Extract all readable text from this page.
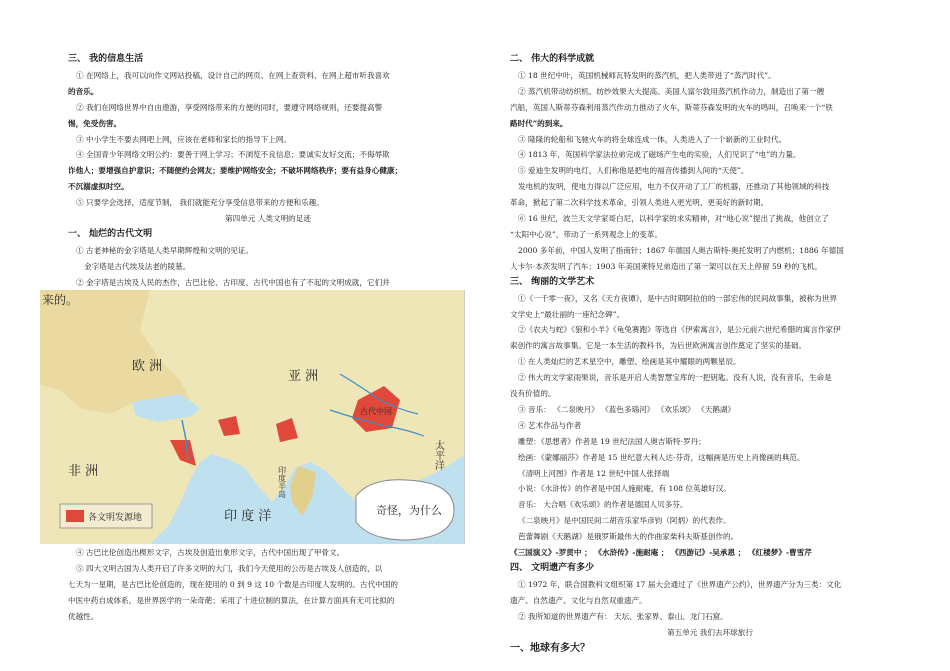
三、 我的信息生活
① 在网络上，我可以向作文网站投稿、设计自己的网页、在网上查资料、在网上超市听我喜欢
的音乐。
② 我们在网络世界中自由遨游，享受网络带来的方便的同时，要遵守网络规则，还要提高警
惕，免受伤害。
③ 中小学生不要去网吧上网，应该在老师和家长的指导下上网。
④ 全国青少年网络文明公约：要善于网上学习；不浏览不良信息；要诚实友好交流；不侮辱欺
诈他人；要增强自护意识；不随便约会网友；要维护网络安全；不破坏网络秩序；要有益身心健康；
不沉溺虚拟时空。
⑤ 只要学会选择，适度节制， 我们就能充分享受信息带来的方便和乐趣。
第四单元 人类文明的足迹
一、 灿烂的古代文明
① 古老神秘的金字塔是人类早期辉煌和文明的见证。
金字塔是古代埃及法老的陵墓。
② 金字塔是古埃及人民的杰作，古巴比伦、古印度、古代中国也有了不起的文明成就，它们并

④ 古巴比伦创造出楔形文字，古埃及创造出象形文字，古代中国出现了甲骨文。
⑤ 四大文明古国为人类开启了许多文明的大门，我们今天使用的公历是古埃及人创造的，以
七天为一星期，是古巴比伦创造的，现在使用的 0 到 9 这 10 个数是古印度人发明的。古代中国的
中医中药自成体系，是世界医学的一朵奇葩；采用了十进位制的算法，在计算方面具有无可比拟的
优越性。
二、 伟大的科学成就
① 18 世纪中叶，英国机械师瓦特发明的蒸汽机，把人类带进了“蒸汽时代”。
② 蒸汽机带动纺织机、纺纱效果大大提高。美国人富尔敦用蒸汽机作动力，制造出了第一艘
汽船，英国人斯蒂芬森利用蒸汽作动力推动了火车，斯蒂芬森发明的火车的鸣叫，召唤来一个“铁
路时代”的到来。
③ 隆隆的轮船和飞驰火车的将全球连成一体，人类进入了一个崭新的工业时代。
④ 1813 年，英国科学家法拉弟完成了磁场产生电的实验，人们见识了“电”的力量。
⑤ 爱迪生发明的电灯，人们称他是把电的福音传播到人间的“天使”。
发电机的发明，使电力得以广泛应用，电力不仅开动了工厂的机器，还推动了其他领域的科技
革命，掀起了第二次科学技术革命，引领人类进入更光明、更美好的新时期。
⑥ 16 世纪，波兰天文学家哥白尼，以科学家的求实精神，对“地心说”提出了挑战，他创立了
“太阳中心说”，带动了一系列观念上的变革。
2000 多年前，中国人发明了指南针；1867 年德国人奥古斯特·奥托发明了内燃机；1886 年德国
人卡尔·本茨发明了汽车；1903 年美国莱特兄弟造出了第一架可以在天上停留 59 秒的飞机。
三、 绚丽的文学艺术
①《一千零一夜》，又名《天方夜谭》，是中古时期阿拉伯的一部宏伟的民间故事集，被称为世界
文学史上“最壮丽的一座纪念碑”。
②《农夫与蛇》《狼和小羊》《龟兔赛跑》等选自《伊索寓言》，是公元前六世纪希腊的寓言作家伊
索创作的寓言故事集。它是一本生活的教科书，为后世欧洲寓言创作奠定了坚实的基础。
① 在人类灿烂的艺术星空中，雕塑、绘画是其中耀眼的两颗星辰。
② 伟大的文学家雨果说，音乐是开启人类智慧宝库的一把钥匙。没有人说，没有音乐，生命是
没有价值的。
③ 音乐： 《二泉映月》 《蓝色多瑙河》 《欢乐颂》 《天鹅湖》
④ 艺术作品与作者
雕塑：《思想者》作者是 19 世纪法国人奥吉斯特·罗丹；
绘画：《蒙娜丽莎》作者是 15 世纪意大利人达·芬奇，这幅画是历史上肖像画的典范。
《清明上河图》作者是 12 世纪中国人张择端
小说：《水浒传》的作者是中国人施耐庵，有 108 位英雄好汉。
音乐： 大合唱《欢乐颂》的作者是德国人贝多芬。
《二泉映月》是中国民间二胡音乐家华彦钧（阿炳）的代表作。
芭蕾舞剧《天鹅湖》是俄罗斯最伟大的作曲家柴科夫斯基创作的。
《三国演义》-罗贯中 ； 《水浒传》-施耐庵 ； 《西游记》-吴承恩 ； 《红楼梦》-曹雪芹
四、 文明遗产有多少
① 1972 年，联合国教科文组织第 17 届大会通过了《世界遗产公约》，世界遗产分为三类：文化
遗产、自然遗产、文化与自然双重遗产。
② 我所知道的世界遗产有： 天坛、张家界、泰山、龙门石窟。
第五单元 我们去环球旅行
一、地球有多大？
欧 洲
亚 洲
非 洲
太平洋
印 度 洋
印度半岛
古代中国
各文明发源地
奇怪，为什么
来的。
